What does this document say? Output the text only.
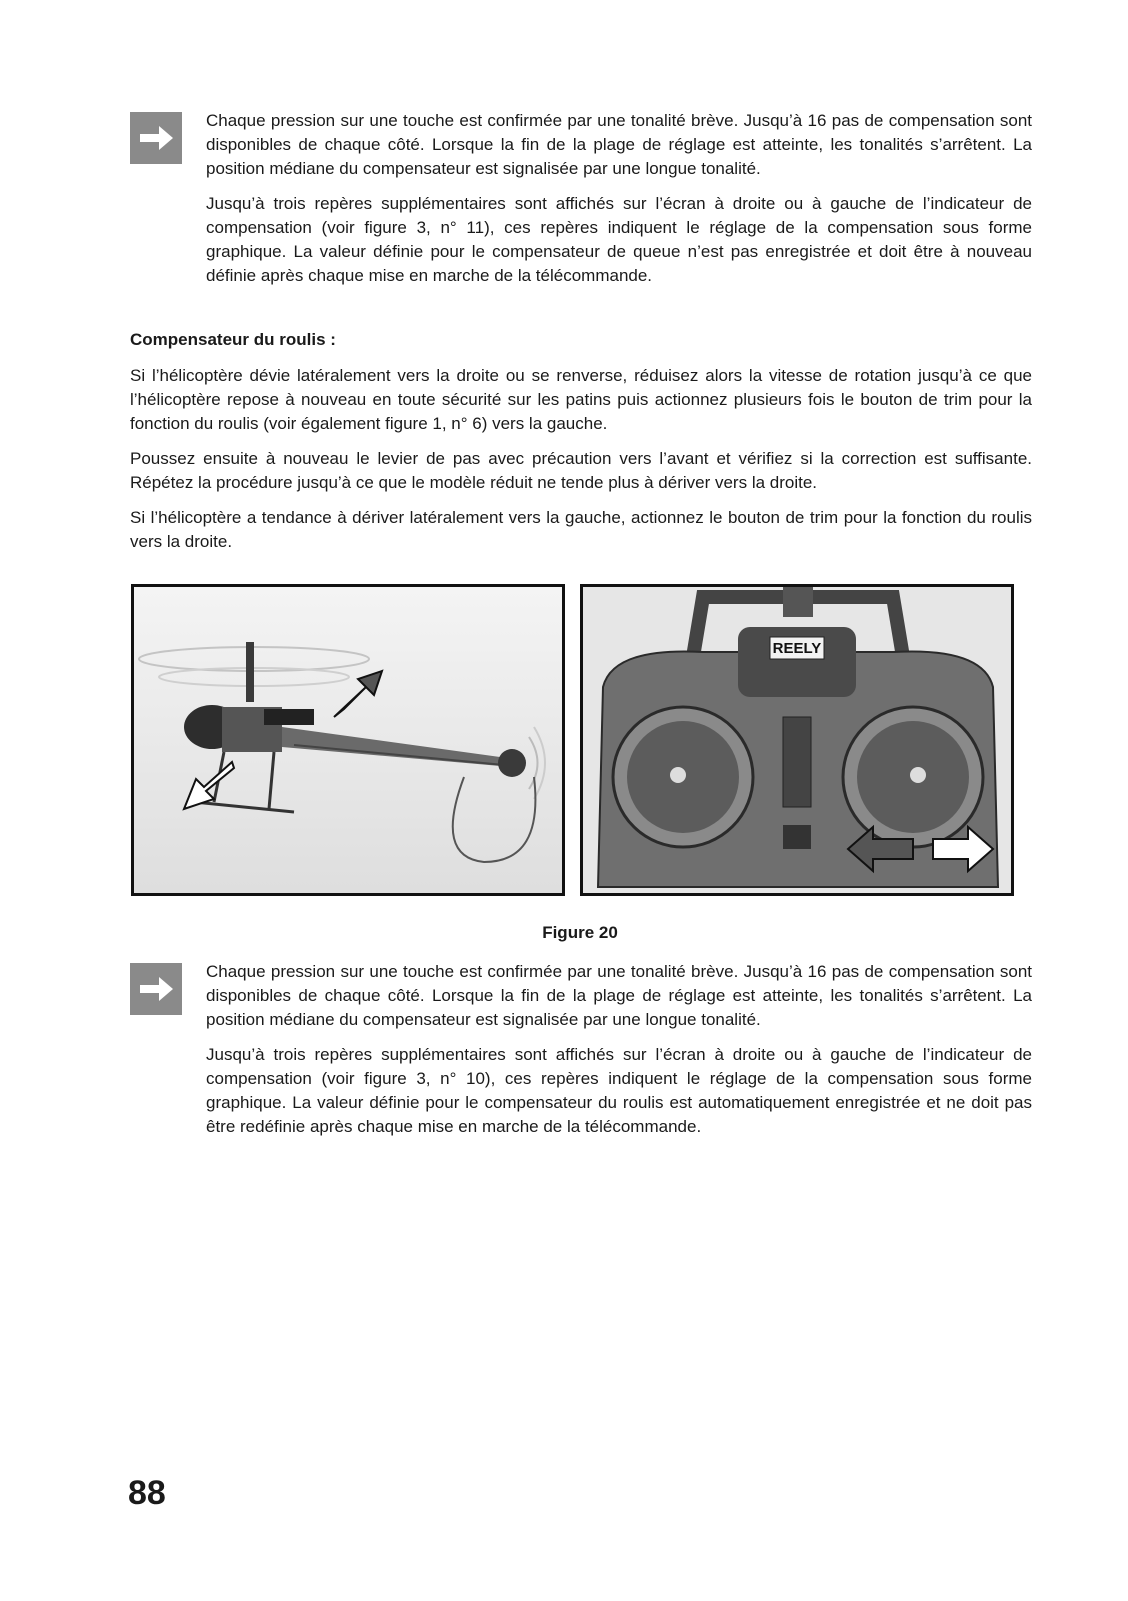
Chaque pression sur une touche est confirmée par une tonalité brève. Jusqu’à 16 pas de compensation sont disponibles de chaque côté. Lorsque la fin de la plage de réglage est atteinte, les tonalités s’arrêtent. La position médiane du compensateur est signalisée par une longue tonalité.

Jusqu’à trois repères supplémentaires sont affichés sur l’écran à droite ou à gauche de l’indicateur de compensation (voir figure 3, n° 11), ces repères indiquent le réglage de la compensation sous forme graphique. La valeur définie pour le compensateur de queue n’est pas enregistrée et doit être à nouveau définie après chaque mise en marche de la télécommande.

Compensateur du roulis :

Si l’hélicoptère dévie latéralement vers la droite ou se renverse, réduisez alors la vitesse de rotation jusqu’à ce que l’hélicoptère repose à nouveau en toute sécurité sur les patins puis actionnez plusieurs fois le bouton de trim pour la fonction du roulis (voir également figure 1, n° 6) vers la gauche.

Poussez ensuite à nouveau le levier de pas avec précaution vers l’avant et vérifiez si la correction est suffisante. Répétez la procédure jusqu’à ce que le modèle réduit ne tende plus à dériver vers la droite.

Si l’hélicoptère a tendance à dériver latéralement vers la gauche, actionnez le bouton de trim pour la fonction du roulis vers la droite.

REELY
Figure 20

Chaque pression sur une touche est confirmée par une tonalité brève. Jusqu’à 16 pas de compensation sont disponibles de chaque côté. Lorsque la fin de la plage de réglage est atteinte, les tonalités s’arrêtent. La position médiane du compensateur est signalisée par une longue tonalité.

Jusqu’à trois repères supplémentaires sont affichés sur l’écran à droite ou à gauche de l’indicateur de compensation (voir figure 3, n° 10), ces repères indiquent le réglage de la compensation sous forme graphique. La valeur définie pour le compensateur du roulis est automatiquement enregistrée et ne doit pas être redéfinie après chaque mise en marche de la télécommande.

88
